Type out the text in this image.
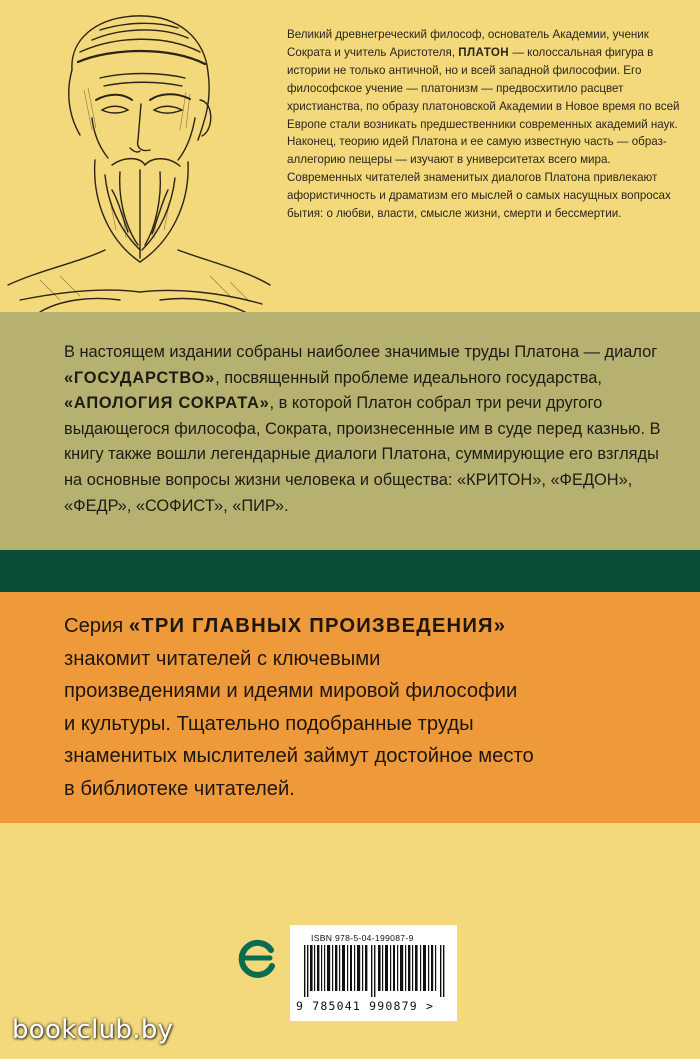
Великий древнегреческий философ, основатель Академии, ученик Сократа и учитель Аристотеля, ПЛАТОН — колоссальная фигура в истории не только античной, но и всей западной философии. Его философское учение — платонизм — предвосхитило расцвет христианства, по образу платоновской Академии в Новое время по всей Европе стали возникать предшественники современных академий наук. Наконец, теорию идей Платона и ее самую известную часть — образ-аллегорию пещеры — изучают в университетах всего мира. Современных читателей знаменитых диалогов Платона привлекают афористичность и драматизм его мыслей о самых насущных вопросах бытия: о любви, власти, смысле жизни, смерти и бессмертии.
В настоящем издании собраны наиболее значимые труды Платона — диалог «ГОСУДАРСТВО», посвященный проблеме идеального государства, «АПОЛОГИЯ СОКРАТА», в которой Платон собрал три речи другого выдающегося философа, Сократа, произнесенные им в суде перед казнью. В книгу также вошли легендарные диалоги Платона, суммирующие его взгляды на основные вопросы жизни человека и общества: «КРИТОН», «ФЕДОН», «ФЕДР», «СОФИСТ», «ПИР».
Серия «ТРИ ГЛАВНЫХ ПРОИЗВЕДЕНИЯ»
знакомит читателей с ключевыми
произведениями и идеями мировой философии
и культуры. Тщательно подобранные труды
знаменитых мыслителей займут достойное место
в библиотеке читателей.
ISBN 978-5-04-199087-9
9 785041 990879 >
bookclub.by
